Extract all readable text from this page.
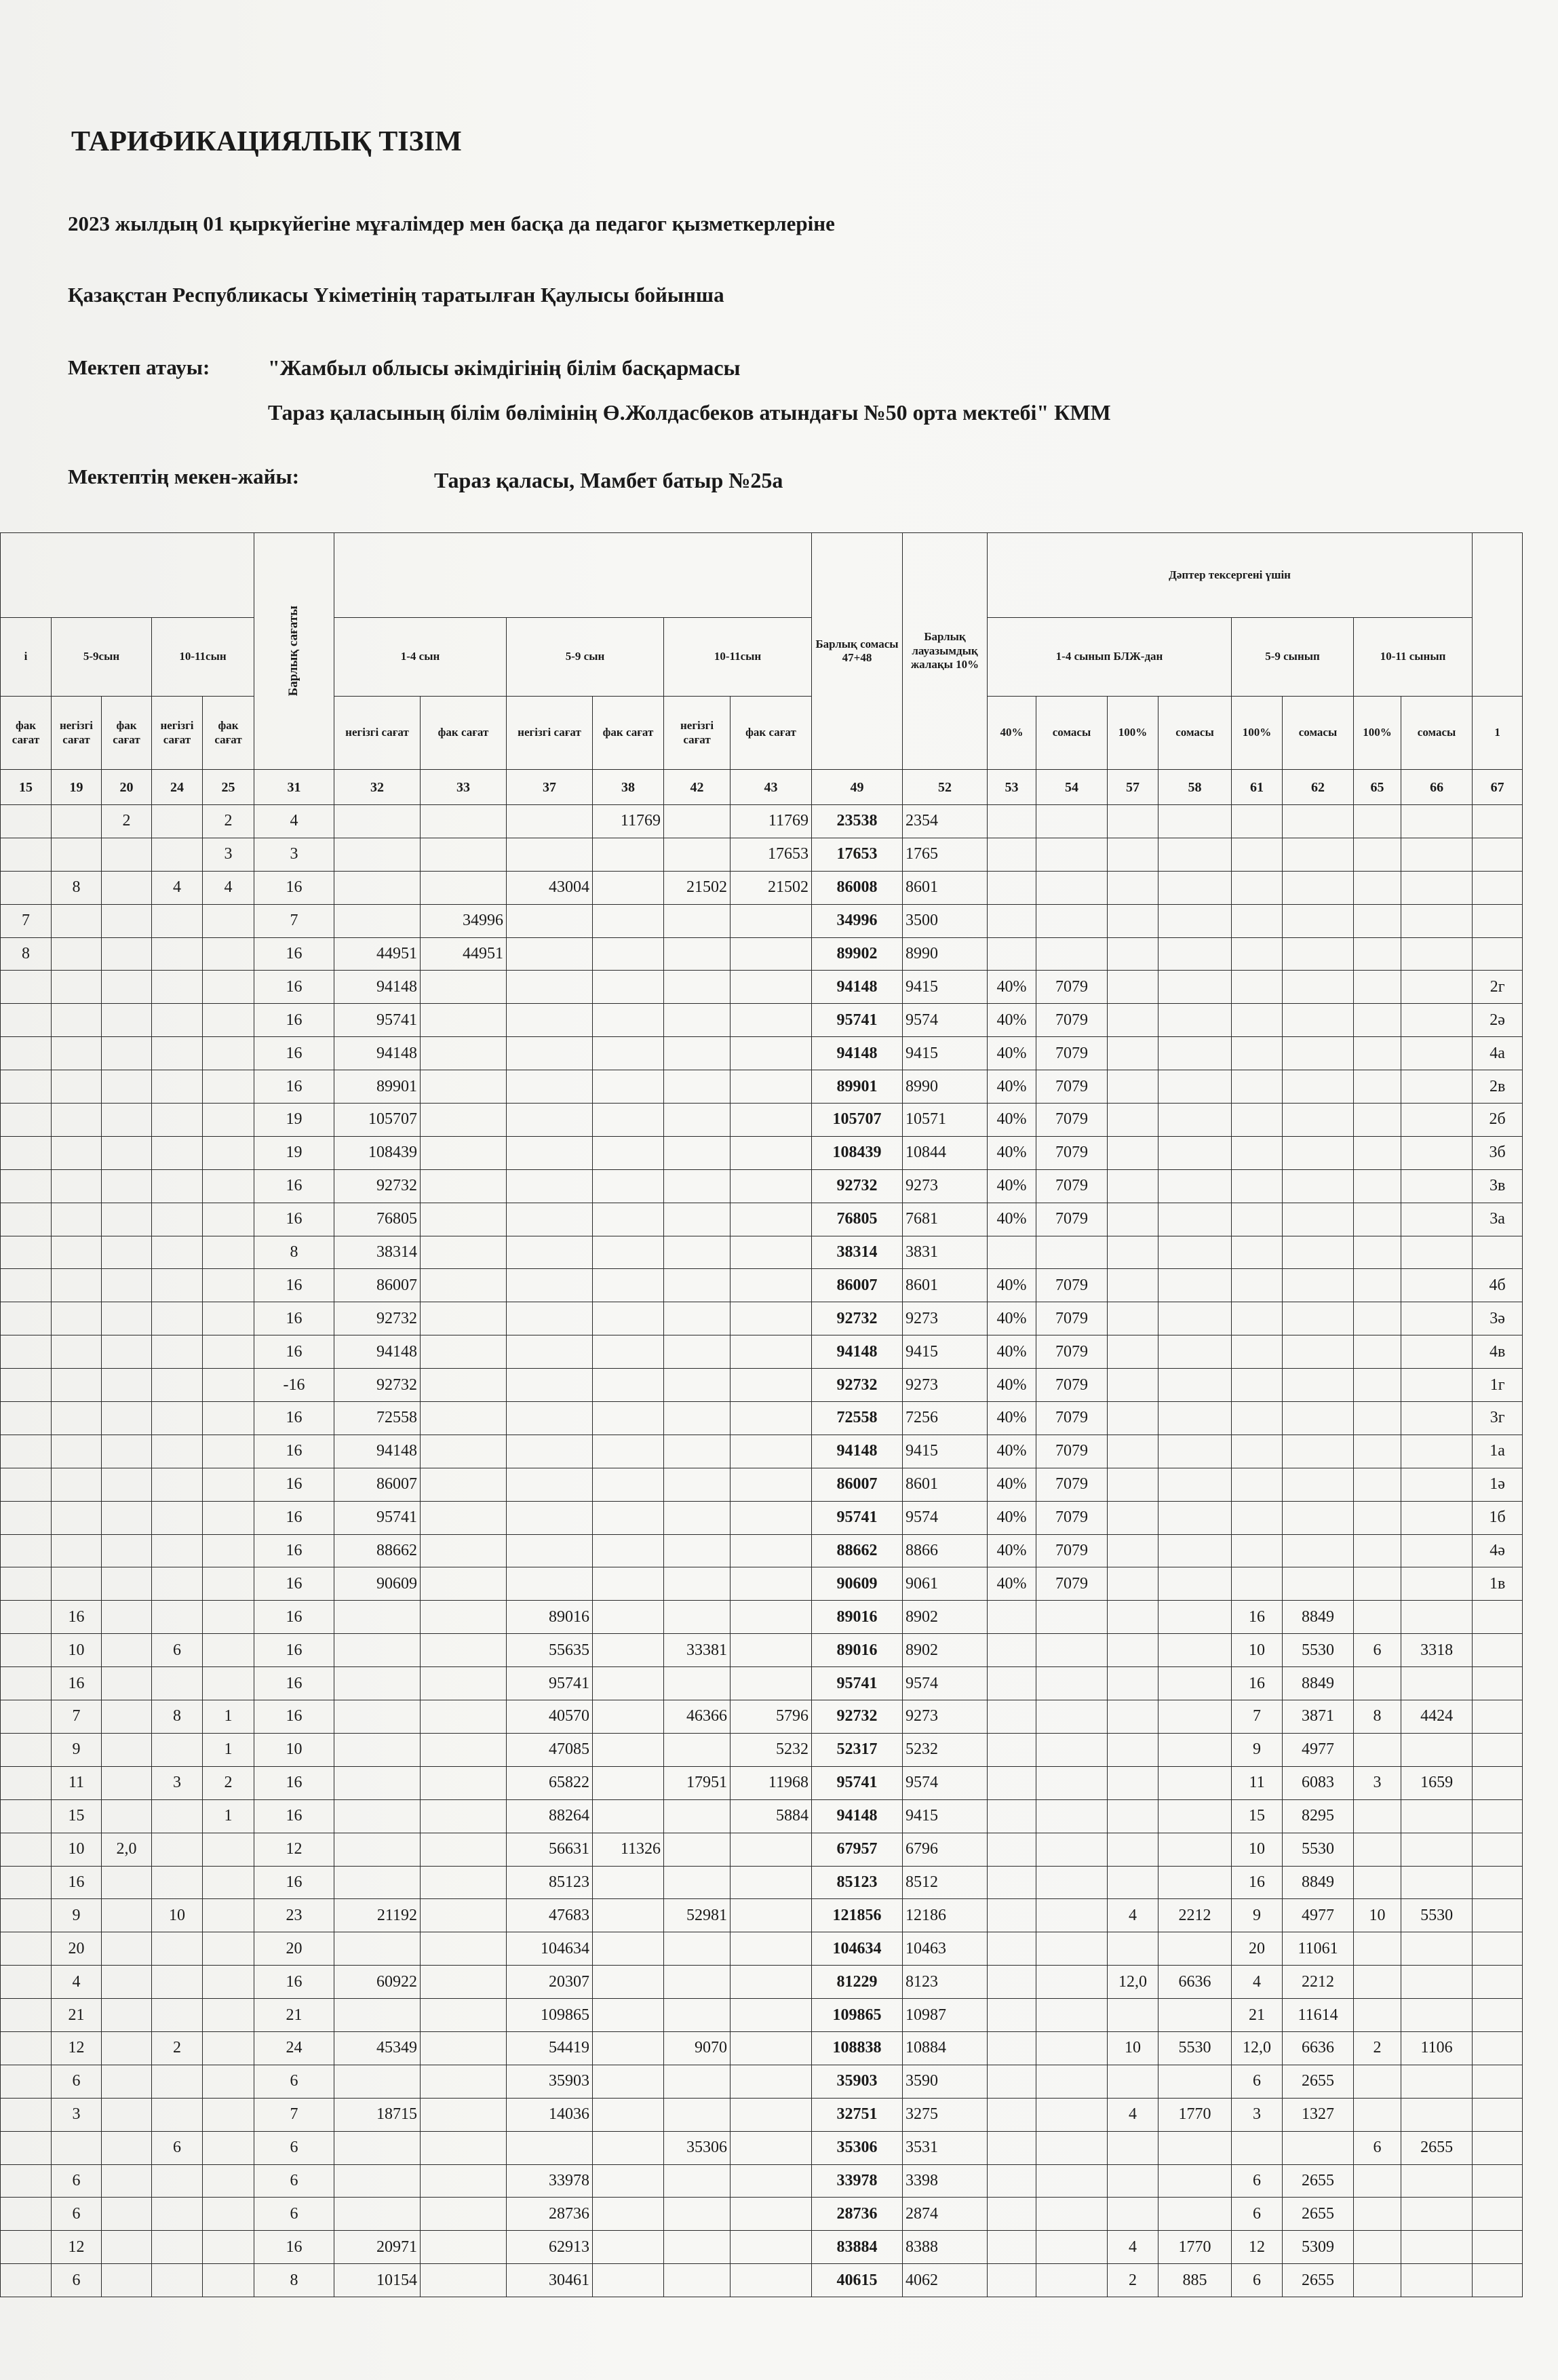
ТАРИФИКАЦИЯЛЫҚ ТІЗІМ
2023 жылдың 01 қыркүйегіне мұғалімдер мен басқа да педагог қызметкерлеріне
Қазақстан Республикасы Үкіметінің таратылған Қаулысы бойынша
Мектеп атауы:	"Жамбыл облысы әкімдігінің білім басқармасы
Тараз қаласының білім бөлімінің Ө.Жолдасбеков атындағы №50 орта мектебі" КММ
Мектептің мекен-жайы:	Тараз қаласы, Мамбет батыр №25а

					Барлық сағаты							Барлық сомасы 47+48	Барлық лауазымдық жалақы 10%	Дәптер тексергені үшін								
і	5-9сын		10-11сын			1-4 сын		5-9 сын		10-11сын				1-4 сынып БЛЖ-дан				5-9 сынып		10-11 сынып		
фак сағат	негізгі сағат	фак сағат	негізгі сағат	фак сағат		негізгі сағат	фак сағат	негізгі сағат	фак сағат	негізгі сағат	фак сағат			40%	сомасы	100%	сомасы	100%	сомасы	100%	сомасы	1
15	19	20	24	25	31	32	33	37	38	42	43	49	52	53	54	57	58	61	62	65	66	67
		2		2	4				11769		11769	23538	2354									
				3	3						17653	17653	1765									
	8		4	4	16			43004		21502	21502	86008	8601									
7					7		34996					34996	3500									
8					16	44951	44951					89902	8990									
					16	94148						94148	9415	40%	7079							2г
					16	95741						95741	9574	40%	7079							2ә
					16	94148						94148	9415	40%	7079							4а
					16	89901						89901	8990	40%	7079							2в
					19	105707						105707	10571	40%	7079							2б
					19	108439						108439	10844	40%	7079							3б
					16	92732						92732	9273	40%	7079							3в
					16	76805						76805	7681	40%	7079							3а
					8	38314						38314	3831									
					16	86007						86007	8601	40%	7079							4б
					16	92732						92732	9273	40%	7079							3ә
					16	94148						94148	9415	40%	7079							4в
					-16	92732						92732	9273	40%	7079							1г
					16	72558						72558	7256	40%	7079							3г
					16	94148						94148	9415	40%	7079							1а
					16	86007						86007	8601	40%	7079							1ә
					16	95741						95741	9574	40%	7079							1б
					16	88662						88662	8866	40%	7079							4ә
					16	90609						90609	9061	40%	7079							1в
	16				16			89016				89016	8902					16	8849			
	10		6		16			55635		33381		89016	8902					10	5530	6	3318	
	16				16			95741				95741	9574					16	8849			
	7		8	1	16			40570		46366	5796	92732	9273					7	3871	8	4424	
	9			1	10			47085			5232	52317	5232					9	4977			
	11		3	2	16			65822		17951	11968	95741	9574					11	6083	3	1659	
	15			1	16			88264			5884	94148	9415					15	8295			
	10	2,0			12			56631	11326			67957	6796					10	5530			
	16				16			85123				85123	8512					16	8849			
	9		10		23	21192		47683		52981		121856	12186			4	2212	9	4977	10	5530	
	20				20			104634				104634	10463					20	11061			
	4				16	60922		20307				81229	8123			12,0	6636	4	2212			
	21				21			109865				109865	10987					21	11614			
	12		2		24	45349		54419		9070		108838	10884			10	5530	12,0	6636	2	1106	
	6				6			35903				35903	3590					6	2655			
	3				7	18715		14036				32751	3275			4	1770	3	1327			
			6		6					35306		35306	3531							6	2655	
	6				6			33978				33978	3398					6	2655			
	6				6			28736				28736	2874					6	2655			
	12				16	20971		62913				83884	8388			4	1770	12	5309			
	6				8	10154		30461				40615	4062			2	885	6	2655			
